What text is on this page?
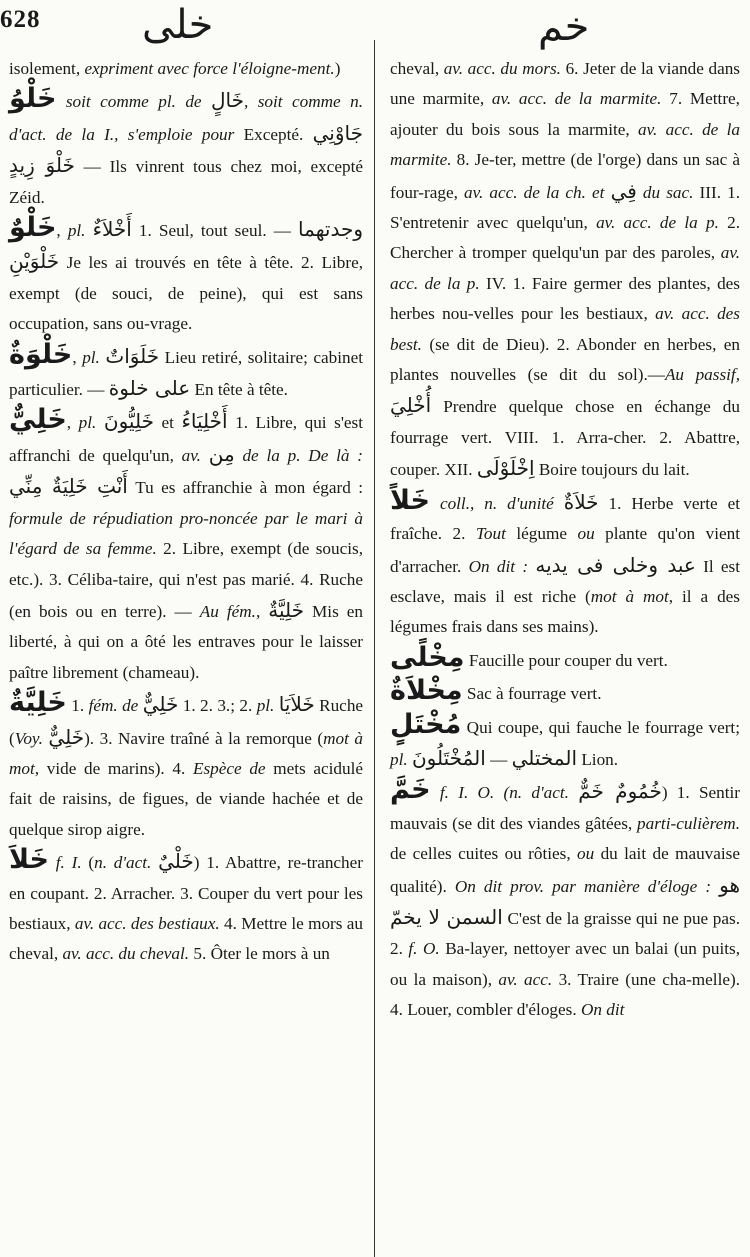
628	خلی	خم

isolement, expriment avec force l'éloigne-ment.)

خَلْوُ soit comme pl. de خَالٍ, soit comme n. d'act. de la I., s'emploie pour Excepté. جَاوْنِي خَلْوَ زِيدٍ — Ils vinrent tous chez moi, excepté Zéid.

خَلْوٌ, pl. أَخْلاَءٌ 1. Seul, tout seul. — وجدتهما خَلْوَيْنِ Je les ai trouvés en tête à tête. 2. Libre, exempt (de souci, de peine), qui est sans occupation, sans ou-vrage.

خَلْوَةٌ, pl. خَلَوَاتٌ Lieu retiré, solitaire; cabinet particulier. — على خلوة En tête à tête.

خَلِيٌّ, pl. خَلِيُّونَ et أَخْلِيَاءُ 1. Libre, qui s'est affranchi de quelqu'un, av. مِن de la p. De là : أَنْتِ خَلِيَةٌ مِنِّي Tu es affranchie à mon égard : formule de répudiation pro-noncée par le mari à l'égard de sa femme. 2. Libre, exempt (de soucis, etc.). 3. Céliba-taire, qui n'est pas marié. 4. Ruche (en bois ou en terre). — Au fém., خَلِيَّةٌ Mis en liberté, à qui on a ôté les entraves pour le laisser paître librement (chameau).

خَلِيَّةٌ 1. fém. de خَلِيٌّ 1. 2. 3.; 2. pl. خَلاَيَا Ruche (Voy. خَلِيٌّ). 3. Navire traîné à la remorque (mot à mot, vide de marins). 4. Espèce de mets acidulé fait de raisins, de figues, de viande hachée et de quelque sirop aigre.

خَلاَ f. I. (n. d'act. خَلْيٌ) 1. Abattre, re-trancher en coupant. 2. Arracher. 3. Couper du vert pour les bestiaux, av. acc. des bestiaux. 4. Mettre le mors au cheval, av. acc. du cheval. 5. Ôter le mors à un

cheval, av. acc. du mors. 6. Jeter de la viande dans une marmite, av. acc. de la marmite. 7. Mettre, ajouter du bois sous la marmite, av. acc. de la marmite. 8. Je-ter, mettre (de l'orge) dans un sac à four-rage, av. acc. de la ch. et فِي du sac. III. 1. S'entretenir avec quelqu'un, av. acc. de la p. 2. Chercher à tromper quelqu'un par des paroles, av. acc. de la p. IV. 1. Faire germer des plantes, des herbes nou-velles pour les bestiaux, av. acc. des best. (se dit de Dieu). 2. Abonder en herbes, en plantes nouvelles (se dit du sol).—Au passif, أُخْلِيَ Prendre quelque chose en échange du fourrage vert. VIII. 1. Arra-cher. 2. Abattre, couper. XII. اِخْلَوْلَى Boire toujours du lait.

خَلاً coll., n. d'unité خَلاَةٌ 1. Herbe verte et fraîche. 2. Tout légume ou plante qu'on vient d'arracher. On dit : عبد وخلى فى يديه Il est esclave, mais il est riche (mot à mot, il a des légumes frais dans ses mains).

مِخْلًى Faucille pour couper du vert.

مِخْلاَةٌ Sac à fourrage vert.

مُخْتَلٍ Qui coupe, qui fauche le fourrage vert; pl. المُخْتَلُونَ — المختلي Lion.

خَمَّ f. I. O. (n. d'act. خُمُومٌ خَمٌّ) 1. Sentir mauvais (se dit des viandes gâtées, parti-culièrem. de celles cuites ou rôties, ou du lait de mauvaise qualité). On dit prov. par manière d'éloge : هو السمن لا يخمّ C'est de la graisse qui ne pue pas. 2. f. O. Ba-layer, nettoyer avec un balai (un puits, ou la maison), av. acc. 3. Traire (une cha-melle). 4. Louer, combler d'éloges. On dit
